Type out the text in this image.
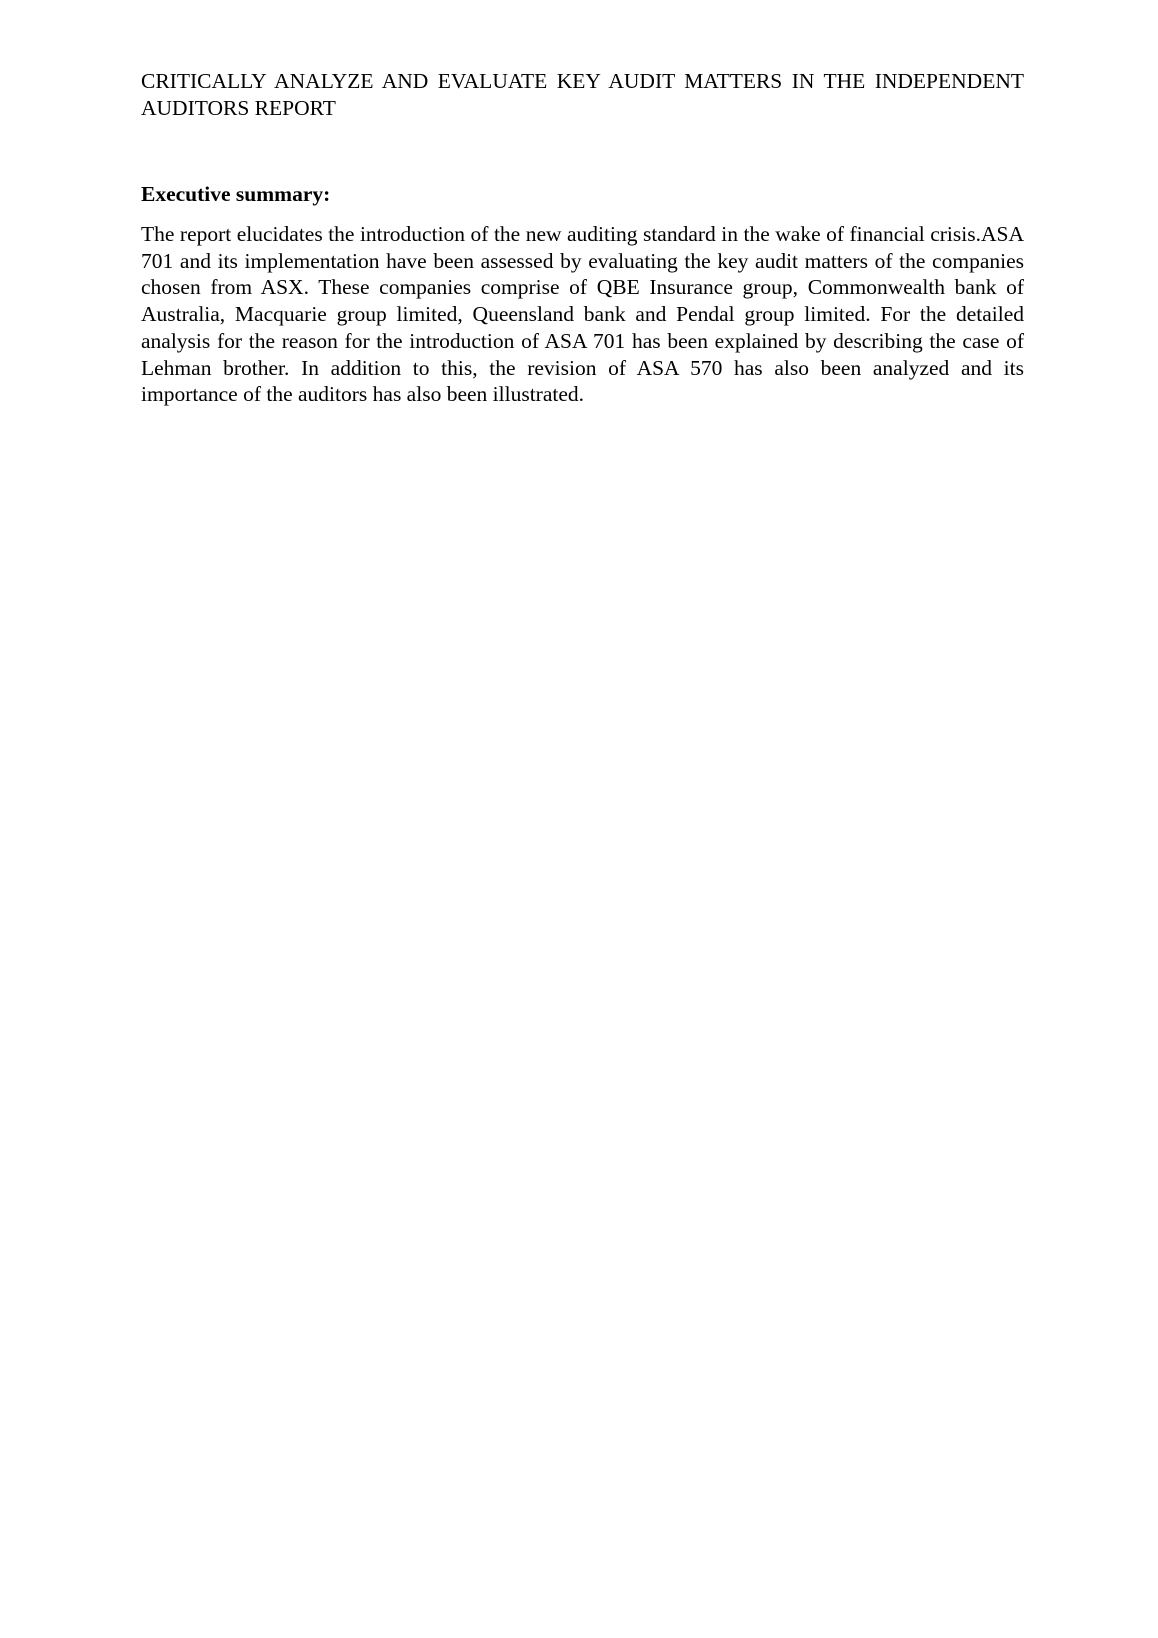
CRITICALLY ANALYZE AND EVALUATE KEY AUDIT MATTERS IN THE INDEPENDENT AUDITORS REPORT
Executive summary:

The report elucidates the introduction of the new auditing standard in the wake of financial crisis.ASA 701 and its implementation have been assessed by evaluating the key audit matters of the companies chosen from ASX. These companies comprise of QBE Insurance group, Commonwealth bank of Australia, Macquarie group limited, Queensland bank and Pendal group limited. For the detailed analysis for the reason for the introduction of ASA 701 has been explained by describing the case of Lehman brother. In addition to this, the revision of ASA 570 has also been analyzed and its importance of the auditors has also been illustrated.
